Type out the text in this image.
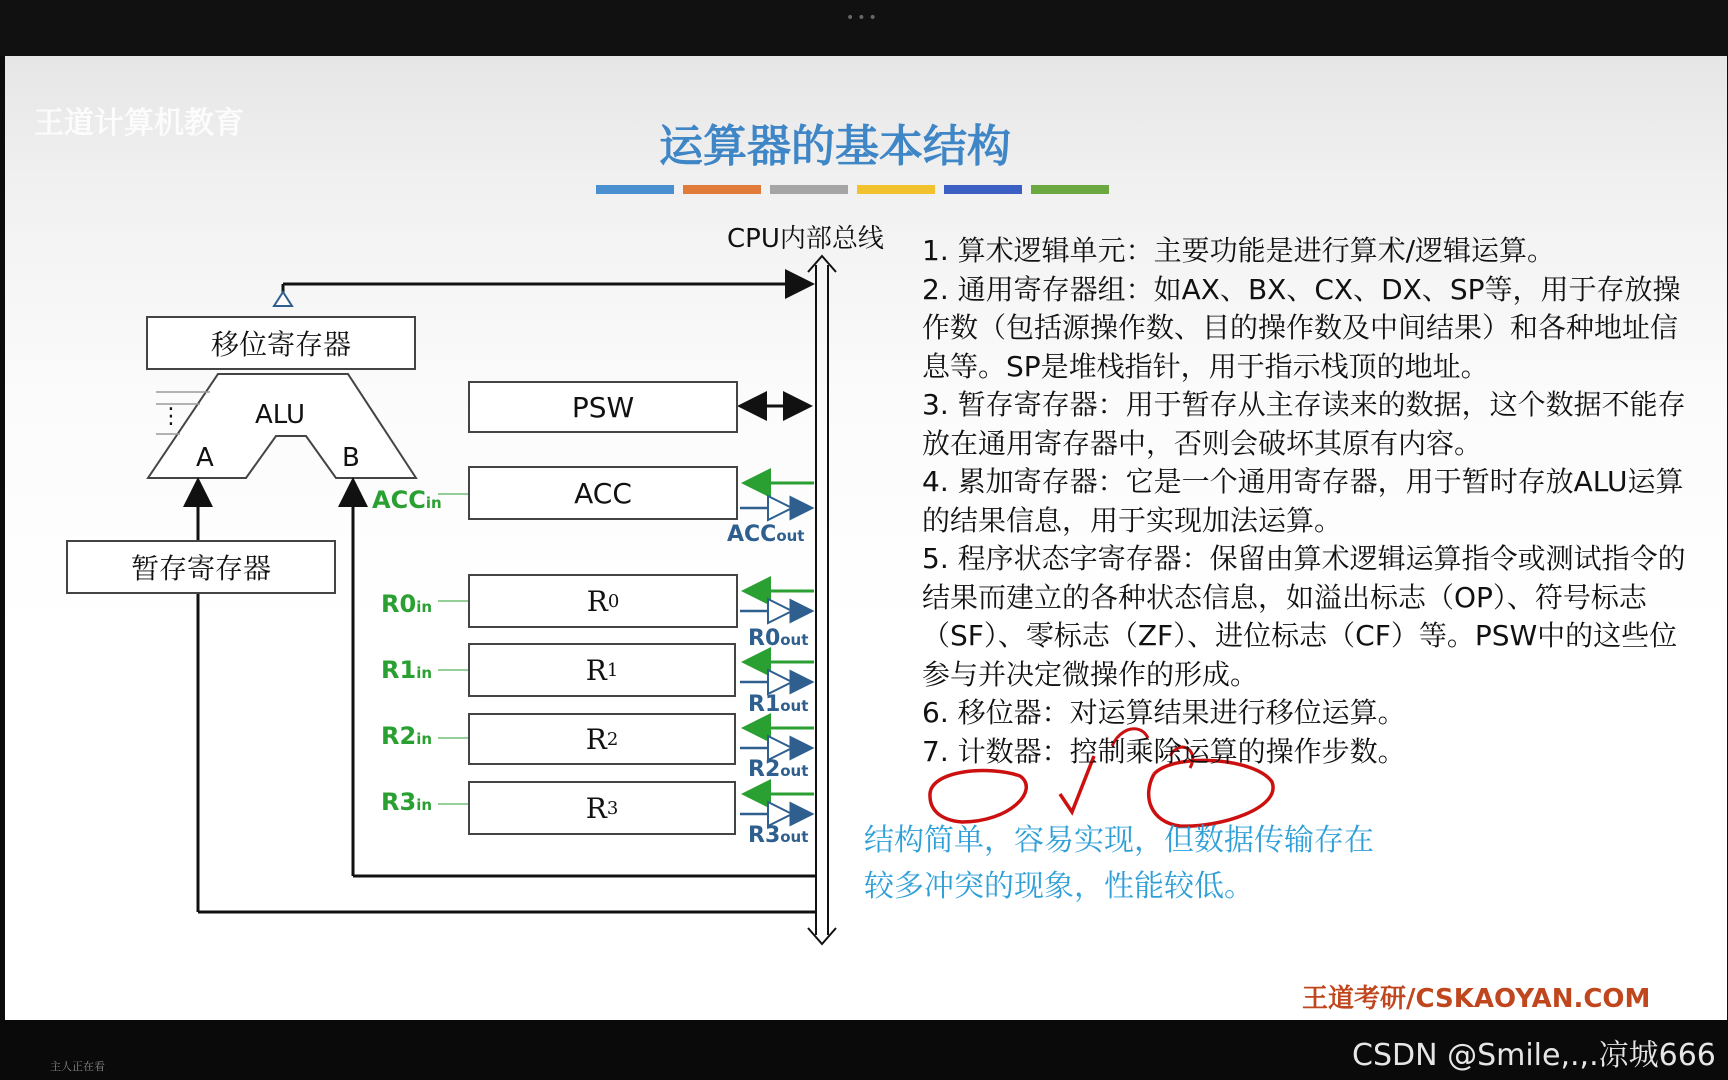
•••
王道计算机教育	运算器的基本结构
CPU内部总线
移位寄存器
ALU
A	B
⋮
暂存寄存器
PSW
ACC
R 0
R 1
R 2
R 3
ACCin
ACCout
R0in
R1in
R2in
R3in
R0out
R1out
R2out
R3out

1. 算术逻辑单元：主要功能是进行算术/逻辑运算。

2. 通用寄存器组：如AX、BX、CX、DX、SP等，用于存放操作数（包括源操作数、目的操作数及中间结果）和各种地址信息等。SP是堆栈指针，用于指示栈顶的地址。

3. 暂存寄存器：用于暂存从主存读来的数据，这个数据不能存放在通用寄存器中，否则会破坏其原有内容。

4. 累加寄存器：它是一个通用寄存器，用于暂时存放ALU运算的结果信息，用于实现加法运算。

5. 程序状态字寄存器：保留由算术逻辑运算指令或测试指令的结果而建立的各种状态信息，如溢出标志（OP）、符号标志（SF）、零标志（ZF）、进位标志（CF）等。PSW中的这些位参与并决定微操作的形成。

6. 移位器：对运算结果进行移位运算。

7. 计数器：控制乘除运算的操作步数。

结构简单，容易实现，但数据传输存在
较多冲突的现象，性能较低。
王道考研/CSKAOYAN.COM
主人正在看	CSDN @Smile,.,.凉城666
